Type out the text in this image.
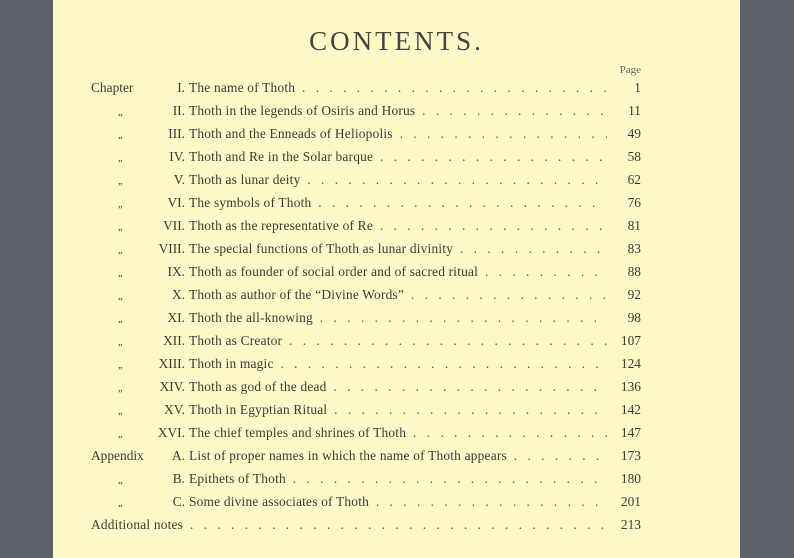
CONTENTS.
Page
Chapter	I. The name of Thoth . . .	1
„	II. Thoth in the legends of Osiris and Horus . . .	11
„	III. Thoth and the Enneads of Heliopolis . . .	49
„	IV. Thoth and Re in the Solar barque . . .	58
„	V. Thoth as lunar deity . . .	62
„	VI. The symbols of Thoth . . .	76
„	VII. Thoth as the representative of Re . . .	81
„	VIII. The special functions of Thoth as lunar divinity . . .	83
„	IX. Thoth as founder of social order and of sacred ritual . . .	88
„	X. Thoth as author of the “Divine Words” . . .	92
„	XI. Thoth the all-knowing . . .	98
„	XII. Thoth as Creator . . .	107
„	XIII. Thoth in magic . . .	124
„	XIV. Thoth as god of the dead . . .	136
„	XV. Thoth in Egyptian Ritual . . .	142
„	XVI. The chief temples and shrines of Thoth . . .	147
Appendix	A. List of proper names in which the name of Thoth appears . . .	173
„	B. Epithets of Thoth . . .	180
„	C. Some divine associates of Thoth . . .	201
Additional notes . . .	213
